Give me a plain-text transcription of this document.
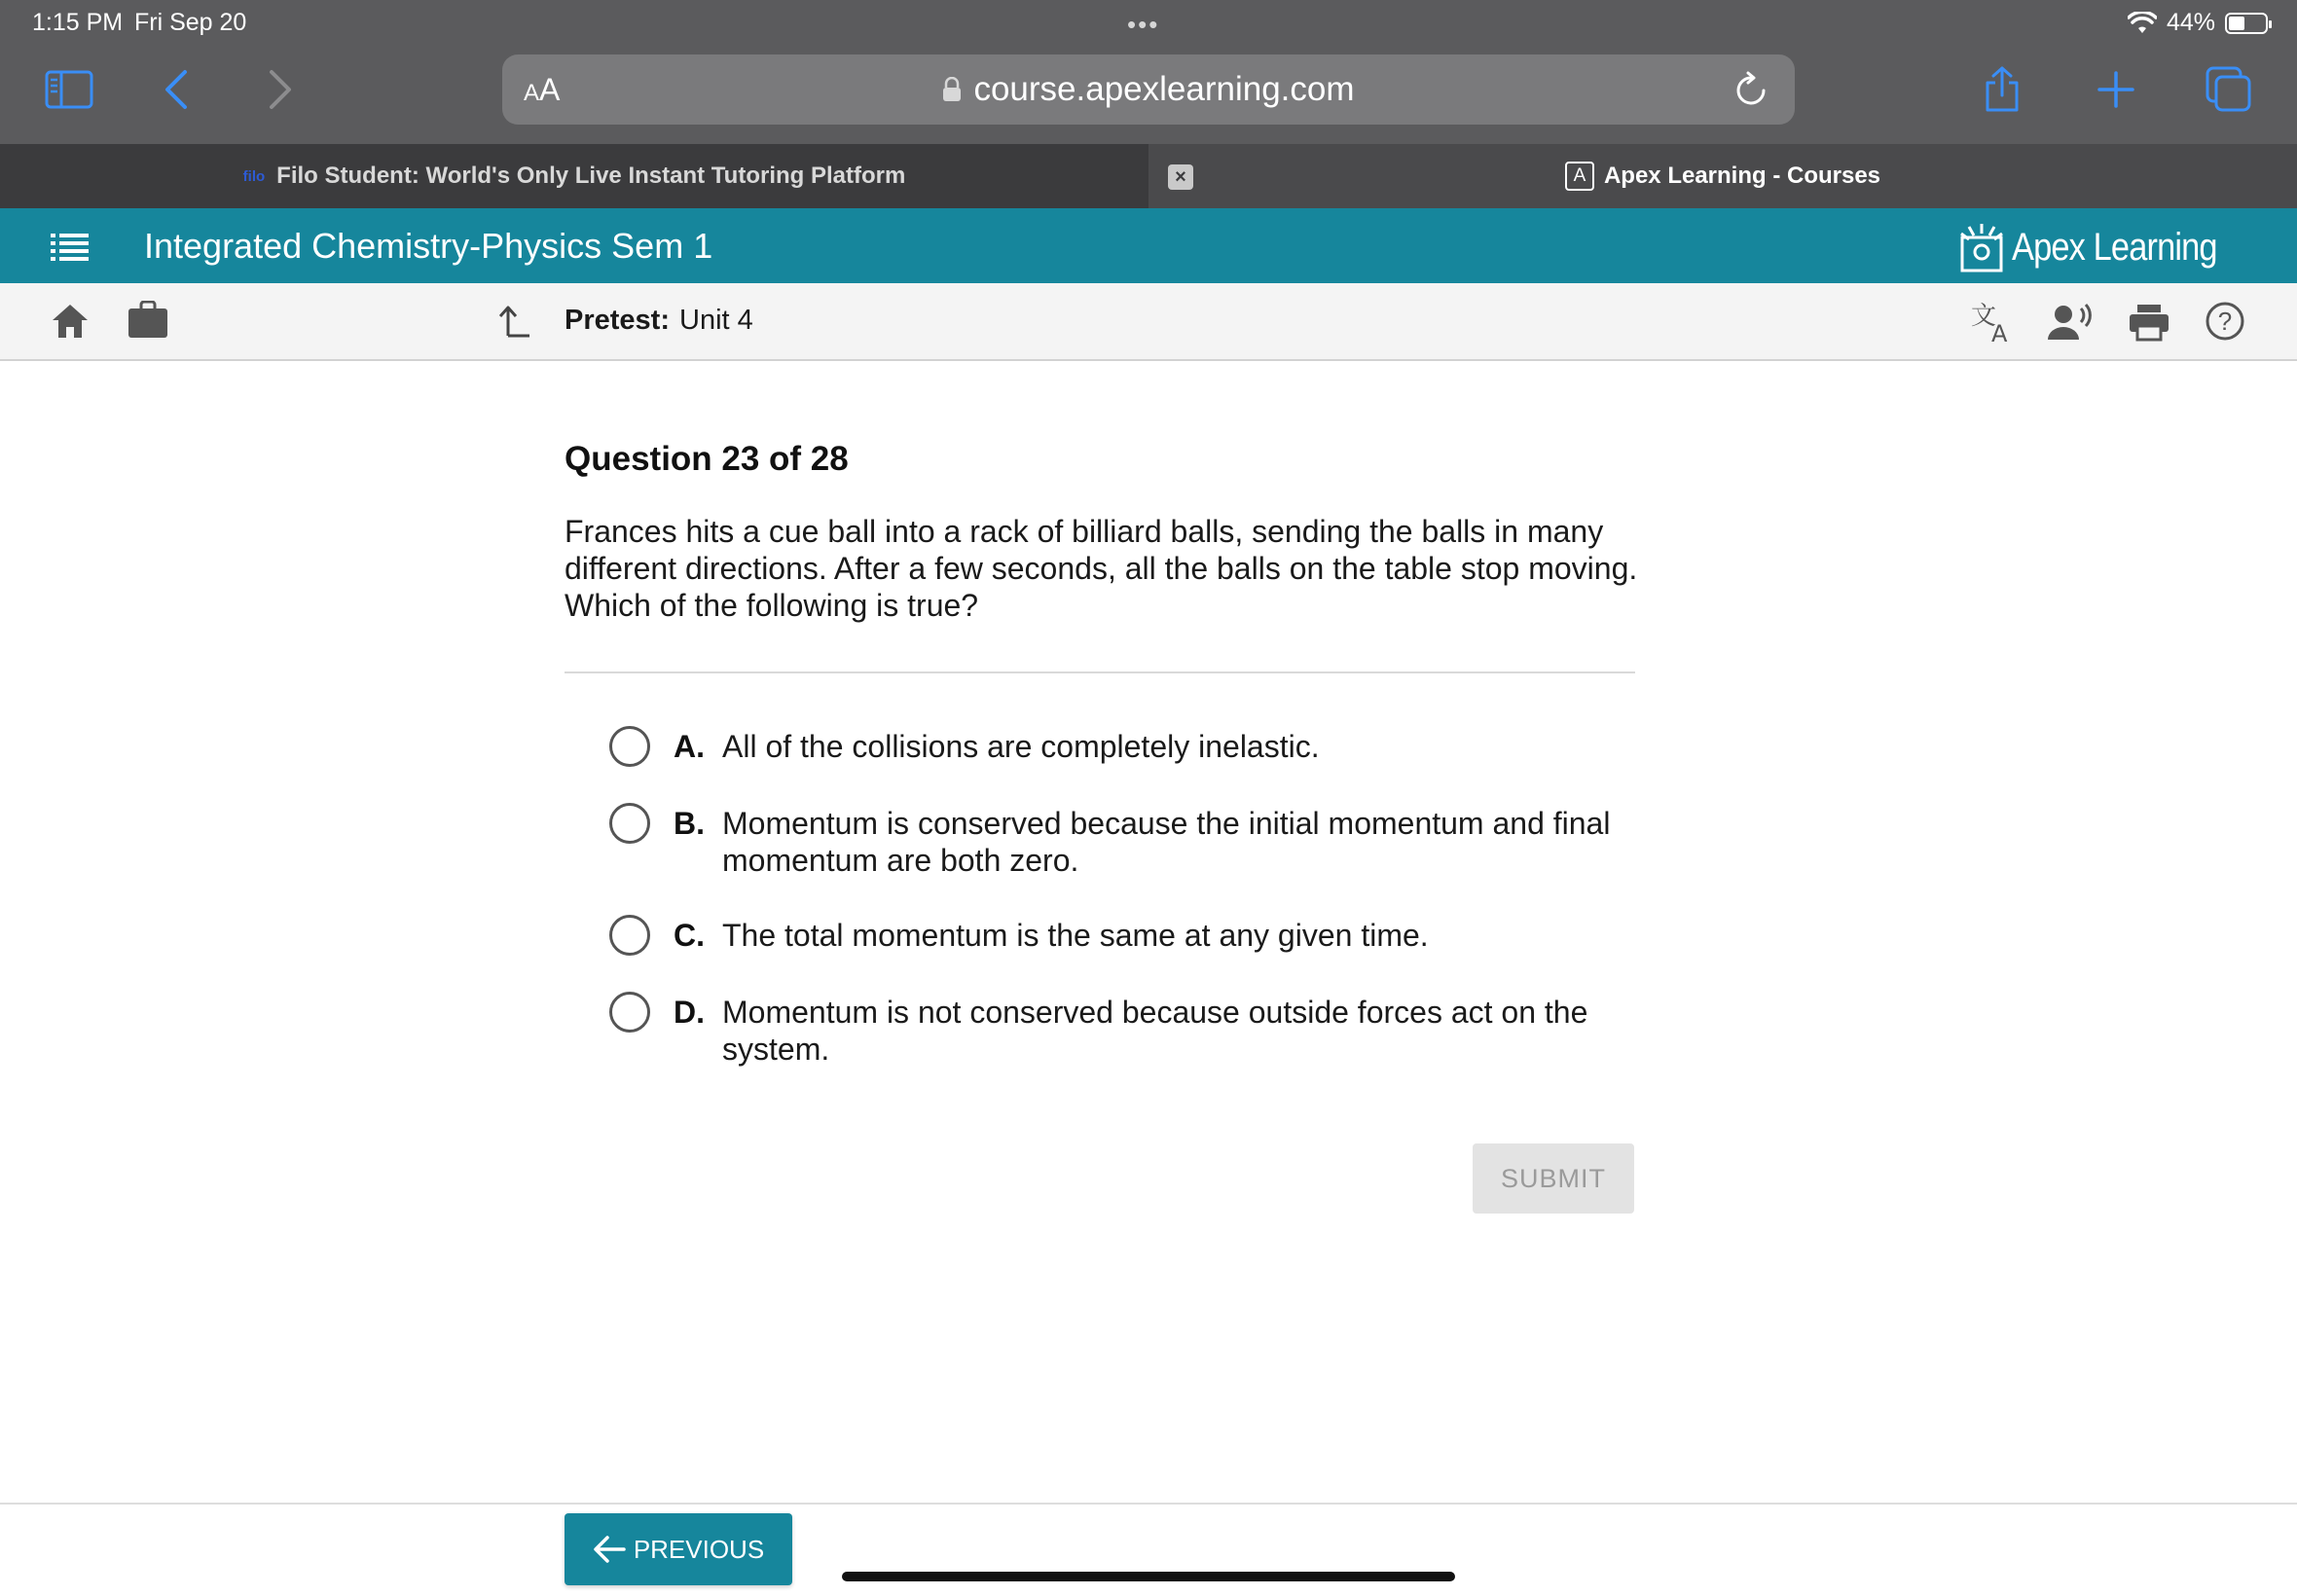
1:15 PM Fri Sep 20	•••	44%
AA	course.apexlearning.com
filo Filo Student: World's Only Live Instant Tutoring Platform	×	A Apex Learning - Courses
Integrated Chemistry-Physics Sem 1	Apex Learning
Pretest: Unit 4	文
A	?
Question 23 of 28
Frances hits a cue ball into a rack of billiard balls, sending the balls in many different directions. After a few seconds, all the balls on the table stop moving. Which of the following is true?
A. All of the collisions are completely inelastic.
B. Momentum is conserved because the initial momentum and final momentum are both zero.
C. The total momentum is the same at any given time.
D. Momentum is not conserved because outside forces act on the system.
SUBMIT
PREVIOUS
